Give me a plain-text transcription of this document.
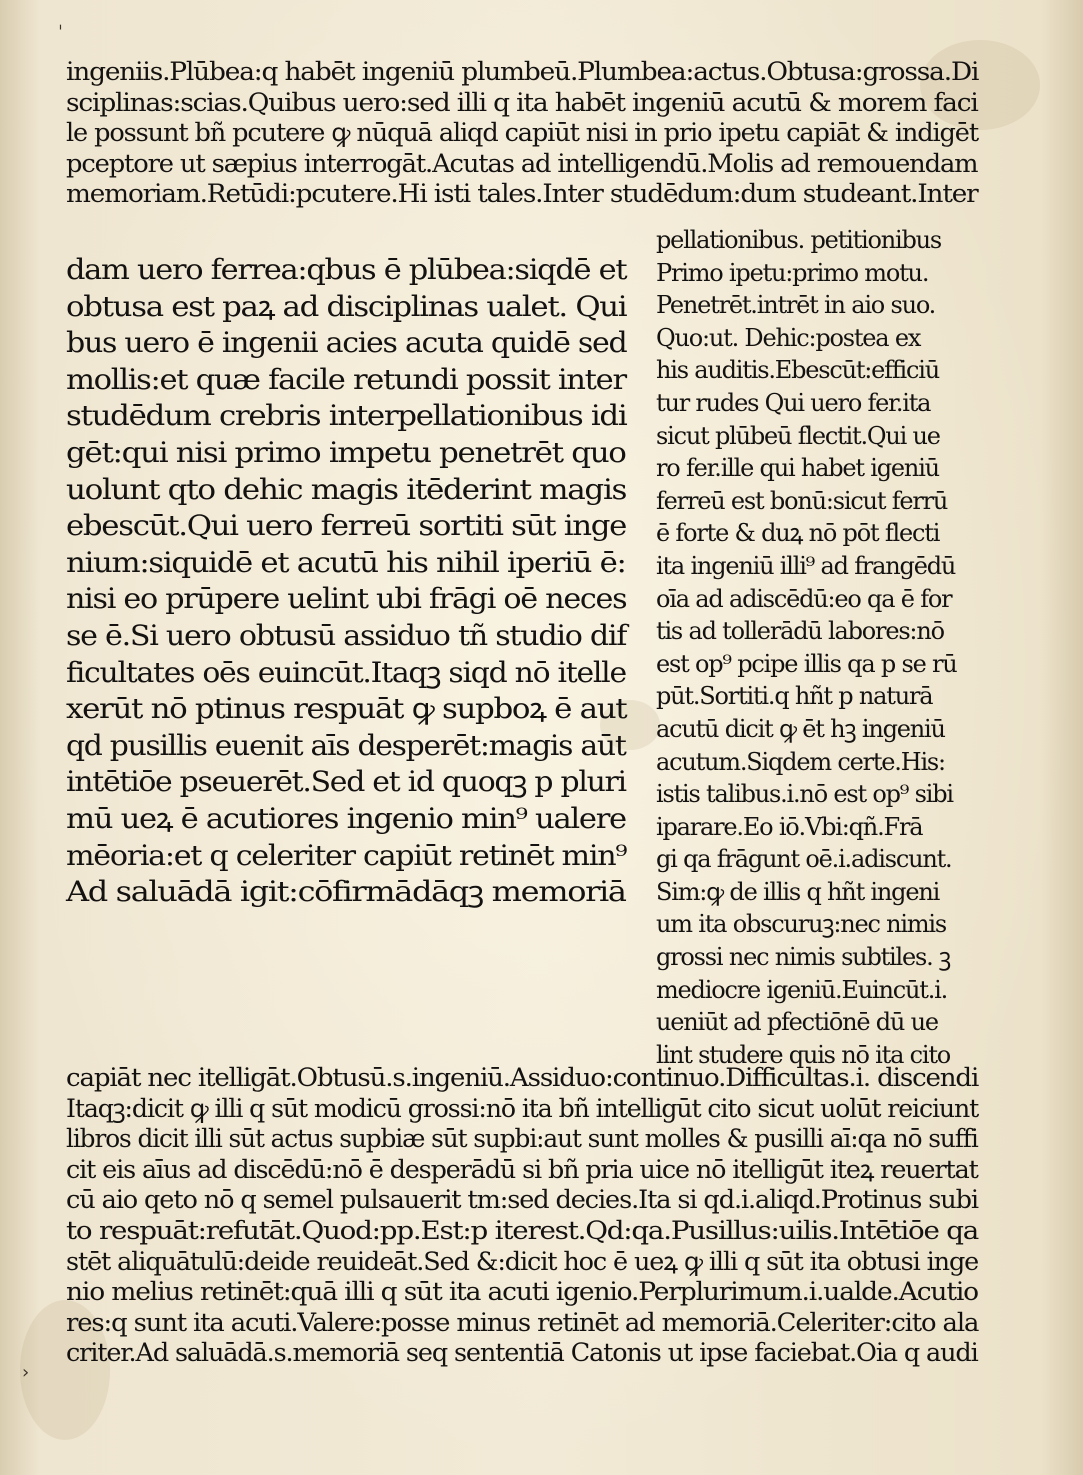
ˈ
›
ingeniis.Plūbea:q habēt ingeniū plumbeū.Plumbea:actus.Obtusa:grossa.Di
sciplinas:scias.Quibus uero:sed illi q ita habēt ingeniū acutū & morem faci
le possunt bñ pcutere ꝙ nūquā aliqd capiūt nisi in prio ipetu capiāt & indigēt
pceptore ut sæpius interrogāt.Acutas ad intelligendū.Molis ad remouendam
memoriam.Retūdi:pcutere.Hi isti tales.Inter studēdum:dum studeant.Inter
dam uero ferrea:qbus ē plūbea:siqdē et
obtusa est paꝝ ad disciplinas ualet. Qui
bus uero ē ingenii acies acuta quidē sed
mollis:et quæ facile retundi possit inter
studēdum crebris interpellationibus idi
gēt:qui nisi primo impetu penetrēt quo
uolunt qto dehic magis itēderint magis
ebescūt.Qui uero ferreū sortiti sūt inge
nium:siquidē et acutū his nihil iperiū ē:
nisi eo prūpere uelint ubi frāgi oē neces
se ē.Si uero obtusū assiduo tñ studio dif
ficultates oēs euincūt.Itaqꝫ siqd nō itelle
xerūt nō ptinus respuāt ꝙ supboꝝ ē aut
qd pusillis euenit aīs desperēt:magis aūt
intētiōe pseuerēt.Sed et id quoqꝫ p pluri
mū ueꝝ ē acutiores ingenio min⁹ ualere
mēoria:et q celeriter capiūt retinēt min⁹
Ad saluādā igit:cōfirmādāqꝫ memoriā
pellationibus. petitionibus
Primo ipetu:primo motu.
Penetrēt.intrēt in aio suo.
Quo:ut. Dehic:postea ex
his auditis.Ebescūt:efficiū
tur rudes Qui uero fer.ita
sicut plūbeū flectit.Qui ue
ro fer.ille qui habet igeniū
ferreū est bonū:sicut ferrū
ē forte & duꝝ nō pōt flecti
ita ingeniū illi⁹ ad frangēdū
oīa ad adiscēdū:eo qa ē for
tis ad tollerādū labores:nō
est op⁹ pcipe illis qa p se rū
pūt.Sortiti.q hñt p naturā
acutū dicit ꝙ ēt hꝫ ingeniū
acutum.Siqdem certe.His:
istis talibus.i.nō est op⁹ sibi
iparare.Eo iō.Vbi:qñ.Frā
gi qa frāgunt oē.i.adiscunt.
Sim:ꝙ de illis q hñt ingeni
um ita obscuruꝫ:nec nimis
grossi nec nimis subtiles. ꝫ
mediocre igeniū.Euincūt.i.
ueniūt ad pfectiōnē dū ue
lint studere quis nō ita cito
capiāt nec itelligāt.Obtusū.s.ingeniū.Assiduo:continuo.Difficultas.i. discendi
Itaqꝫ:dicit ꝙ illi q sūt modicū grossi:nō ita bñ intelligūt cito sicut uolūt reiciunt
libros dicit illi sūt actus supbiæ sūt supbi:aut sunt molles & pusilli aī:qa nō suffi
cit eis aīus ad discēdū:nō ē desperādū si bñ pria uice nō itelligūt iteꝝ reuertat
cū aio qeto nō q semel pulsauerit tm:sed decies.Ita si qd.i.aliqd.Protinus subi
to respuāt:refutāt.Quod:pp.Est:p iterest.Qd:qa.Pusillus:uilis.Intētiōe qa
stēt aliquātulū:deide reuideāt.Sed &:dicit hoc ē ueꝝ ꝙ illi q sūt ita obtusi inge
nio melius retinēt:quā illi q sūt ita acuti igenio.Perplurimum.i.ualde.Acutio
res:q sunt ita acuti.Valere:posse minus retinēt ad memoriā.Celeriter:cito ala
criter.Ad saluādā.s.memoriā seq sententiā Catonis ut ipse faciebat.Oia q audi
